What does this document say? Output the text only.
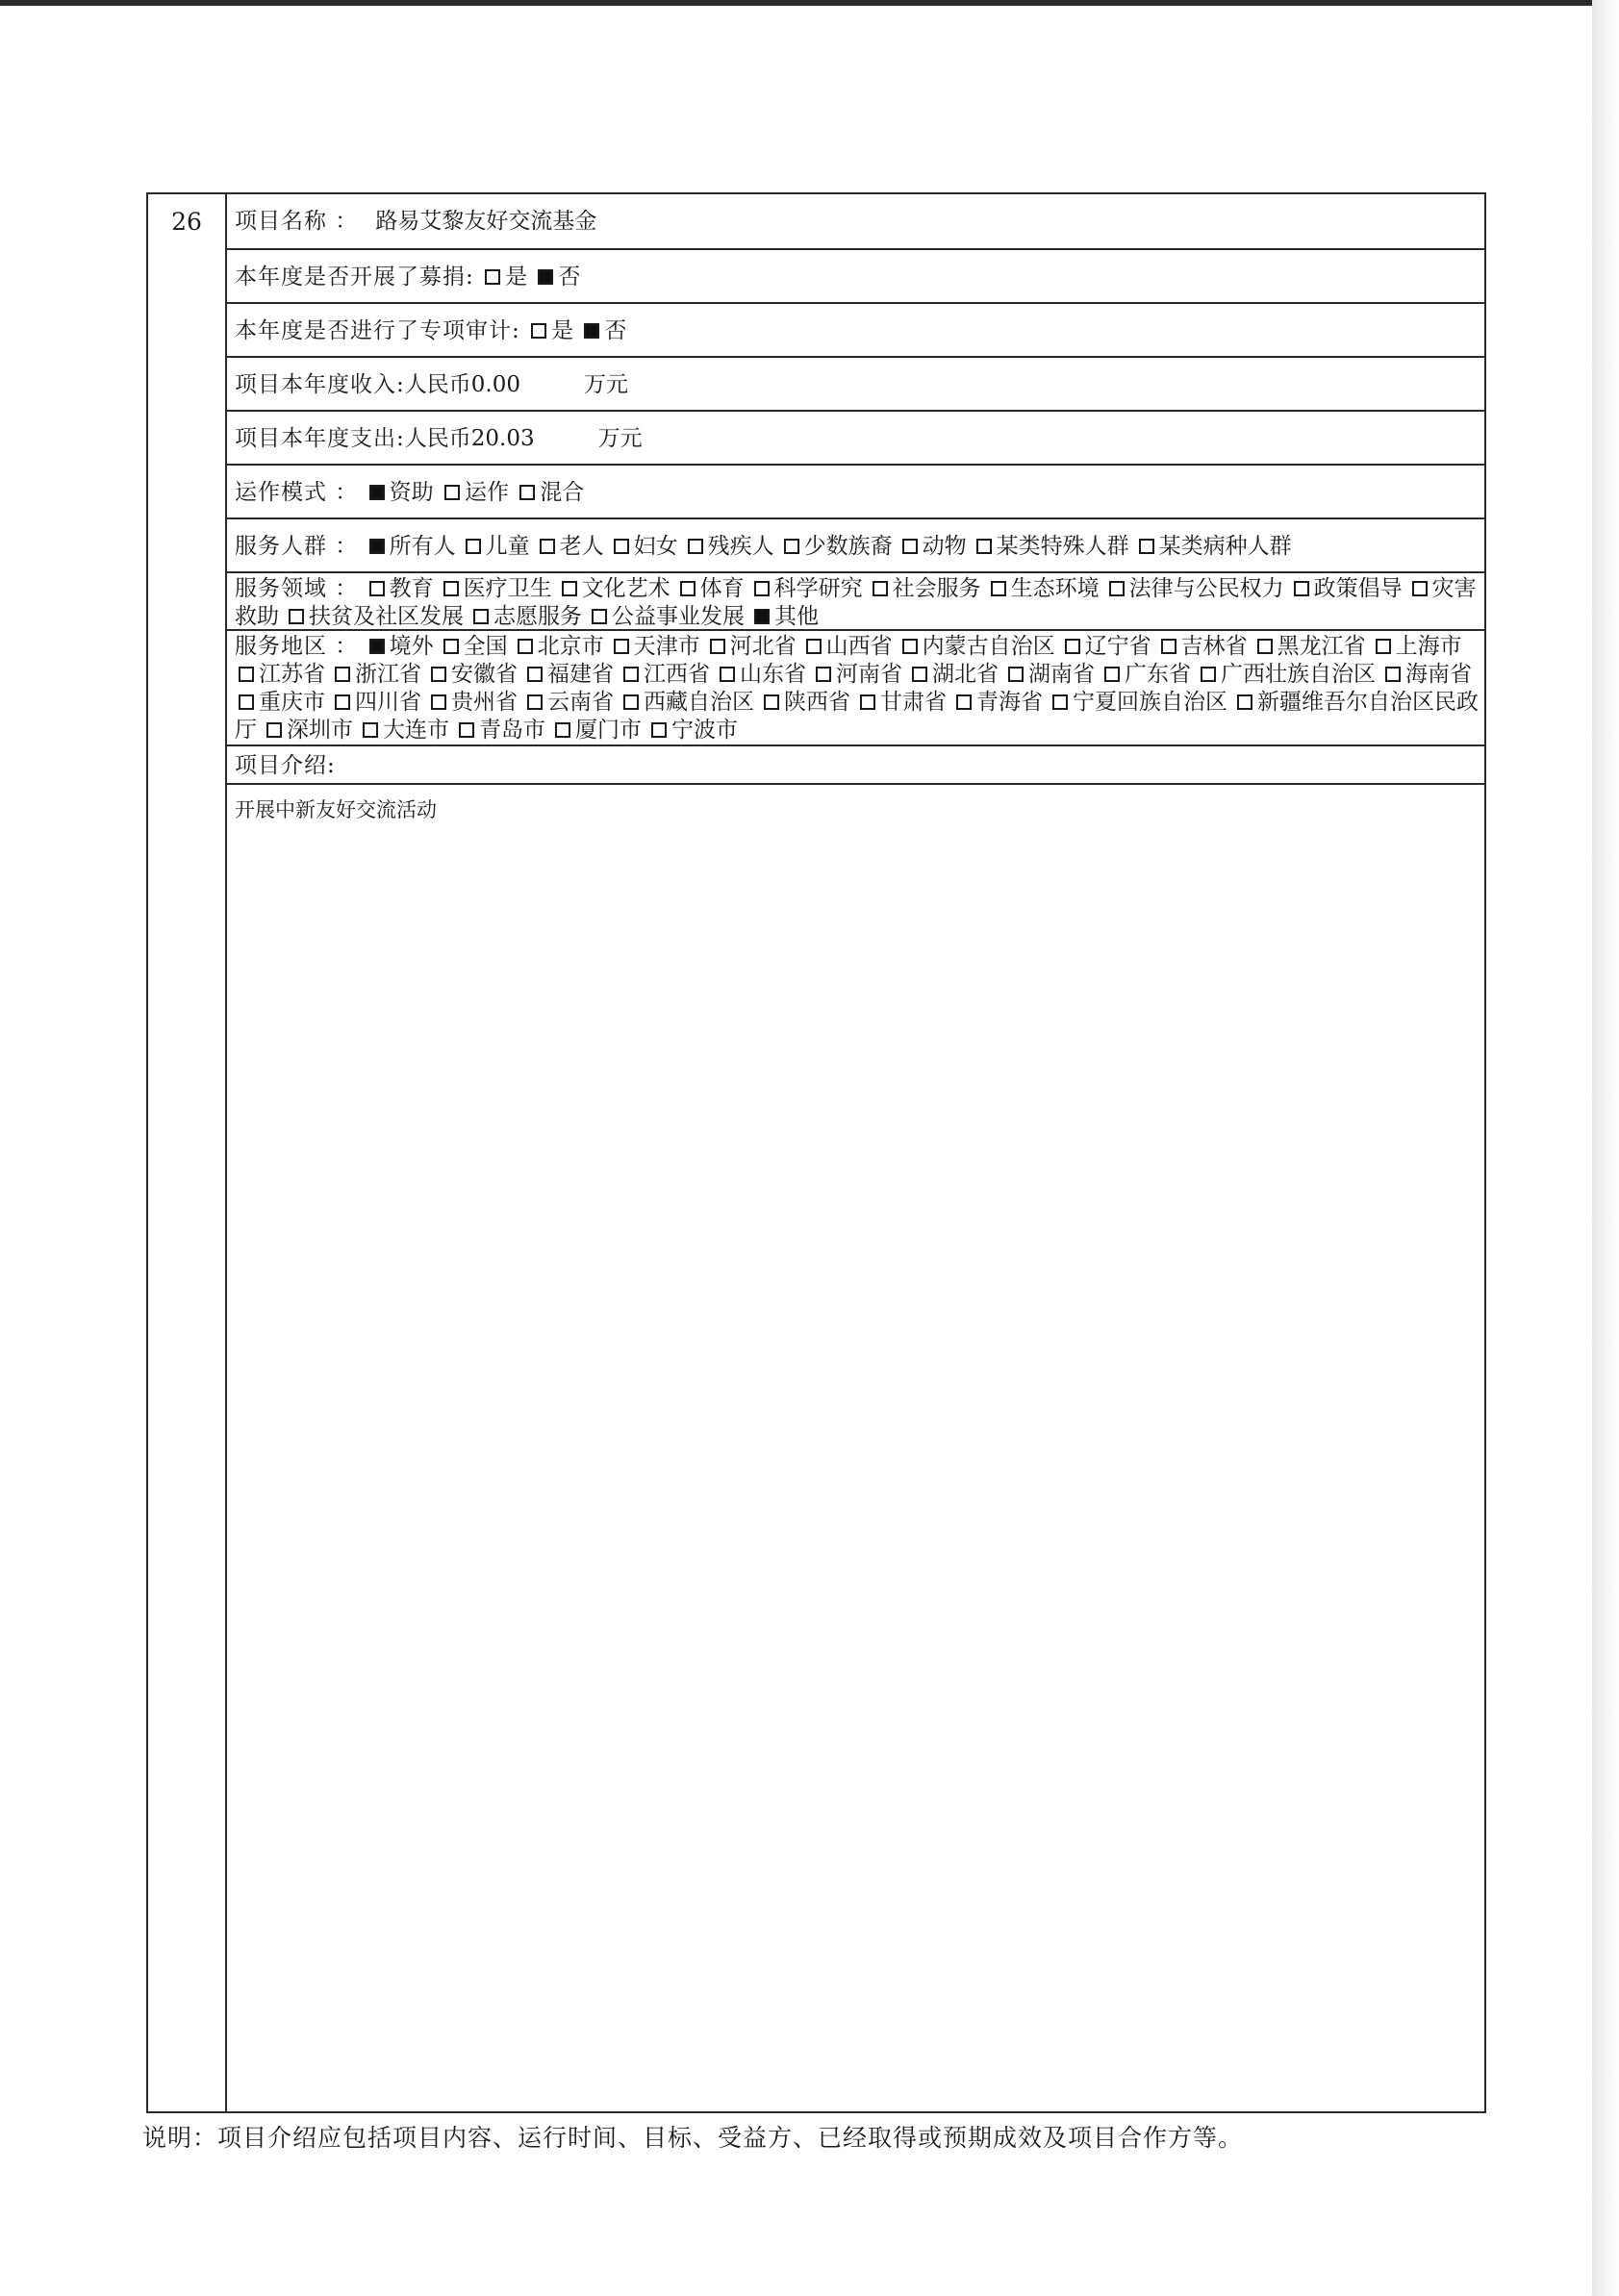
26	项目名称 ： 路易艾黎友好交流基金
本年度是否开展了募捐: 是 否
本年度是否进行了专项审计: 是 否
项目本年度收入:人民币0.00	万元
项目本年度支出:人民币20.03	万元
运作模式 ： 资助 运作 混合
服务人群 ： 所有人 儿童 老人 妇女 残疾人 少数族裔 动物 某类特殊人群 某类病种人群
服务领域 ： 教育 医疗卫生 文化艺术 体育 科学研究 社会服务 生态环境 法律与公民权力 政策倡导 灾害救助 扶贫及社区发展 志愿服务 公益事业发展 其他
服务地区 ： 境外 全国 北京市 天津市 河北省 山西省 内蒙古自治区 辽宁省 吉林省 黑龙江省 上海市江苏省 浙江省 安徽省 福建省 江西省 山东省 河南省 湖北省 湖南省 广东省 广西壮族自治区 海南省重庆市 四川省 贵州省 云南省 西藏自治区 陕西省 甘肃省 青海省 宁夏回族自治区 新疆维吾尔自治区民政厅 深圳市 大连市 青岛市 厦门市 宁波市
项目介绍:
开展中新友好交流活动
说明：项目介绍应包括项目内容、运行时间、目标、受益方、已经取得或预期成效及项目合作方等。
